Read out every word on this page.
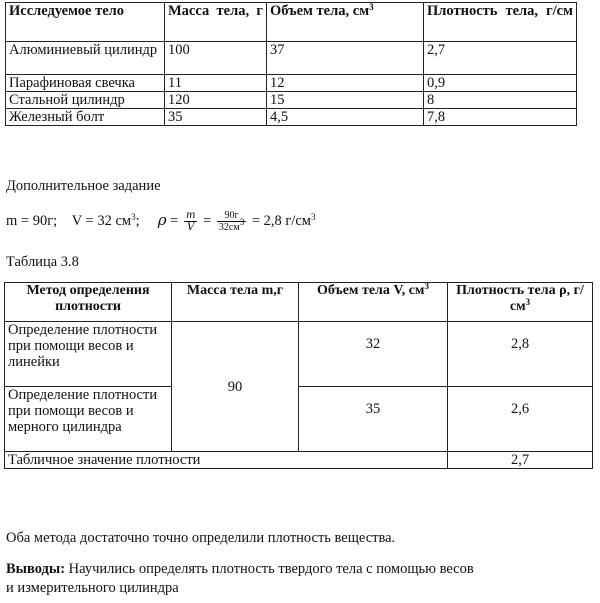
Исследуемое тело	Масса тела, г	Объем тела, $см^3$	Плотность тела, г/см
Алюминиевый цилиндр	100	37	2,7
Парафиновая свечка	11	12	0,9
Стальной цилиндр	120	15	8
Железный болт	35	4,5	7,8
Дополнительное задание
m = 90г; V = 32 $см^3$; $\rho = \frac{m}{V} = \frac{90г}{32см^3} = 2,8$ $г/см^3$
Таблица 3.8
Метод определения плотности	Масса тела m,г	Объем тела V, $см^3$	Плотность тела ρ, $г/см^3$
Определение плотности при помощи весов и линейки	90	32	2,8
Определение плотности при помощи весов и мерного цилиндра		35	2,6
Табличное значение плотности			2,7
Оба метода достаточно точно определили плотность вещества.
Выводы: Научились определять плотность твердого тела с помощью весов
и измерительного цилиндра
